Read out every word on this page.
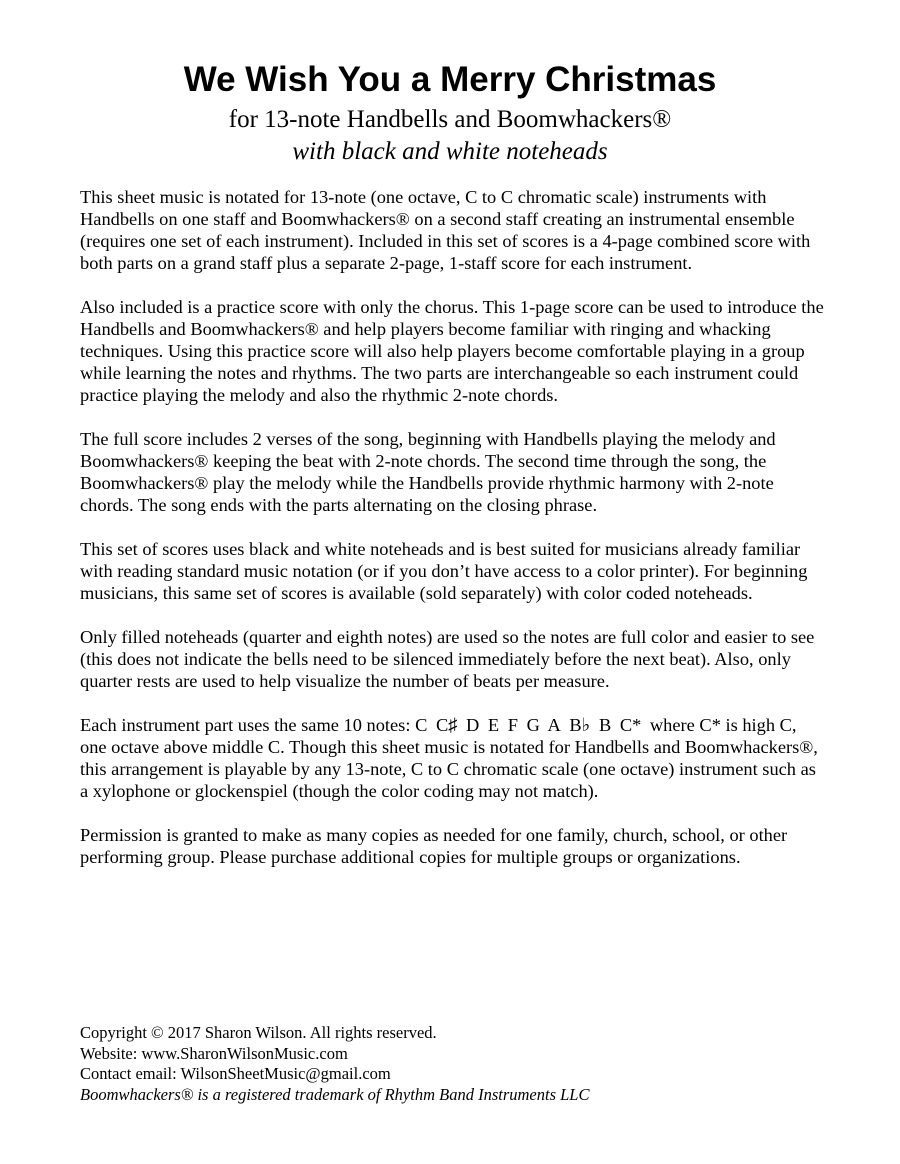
We Wish You a Merry Christmas
for 13-note Handbells and Boomwhackers®
with black and white noteheads

This sheet music is notated for 13-note (one octave, C to C chromatic scale) instruments with Handbells on one staff and Boomwhackers® on a second staff creating an instrumental ensemble (requires one set of each instrument). Included in this set of scores is a 4-page combined score with both parts on a grand staff plus a separate 2-page, 1-staff score for each instrument.

Also included is a practice score with only the chorus. This 1-page score can be used to introduce the Handbells and Boomwhackers® and help players become familiar with ringing and whacking techniques. Using this practice score will also help players become comfortable playing in a group while learning the notes and rhythms. The two parts are interchangeable so each instrument could practice playing the melody and also the rhythmic 2-note chords.

The full score includes 2 verses of the song, beginning with Handbells playing the melody and Boomwhackers® keeping the beat with 2-note chords. The second time through the song, the Boomwhackers® play the melody while the Handbells provide rhythmic harmony with 2-note chords. The song ends with the parts alternating on the closing phrase.

This set of scores uses black and white noteheads and is best suited for musicians already familiar with reading standard music notation (or if you don’t have access to a color printer). For beginning musicians, this same set of scores is available (sold separately) with color coded noteheads.

Only filled noteheads (quarter and eighth notes) are used so the notes are full color and easier to see (this does not indicate the bells need to be silenced immediately before the next beat). Also, only quarter rests are used to help visualize the number of beats per measure.

Each instrument part uses the same 10 notes: C C♯ D E F G A B♭ B C* where C* is high C, one octave above middle C. Though this sheet music is notated for Handbells and Boomwhackers®, this arrangement is playable by any 13-note, C to C chromatic scale (one octave) instrument such as a xylophone or glockenspiel (though the color coding may not match).

Permission is granted to make as many copies as needed for one family, church, school, or other performing group. Please purchase additional copies for multiple groups or organizations.

Copyright © 2017 Sharon Wilson. All rights reserved.
Website: www.SharonWilsonMusic.com
Contact email: WilsonSheetMusic@gmail.com
Boomwhackers® is a registered trademark of Rhythm Band Instruments LLC
